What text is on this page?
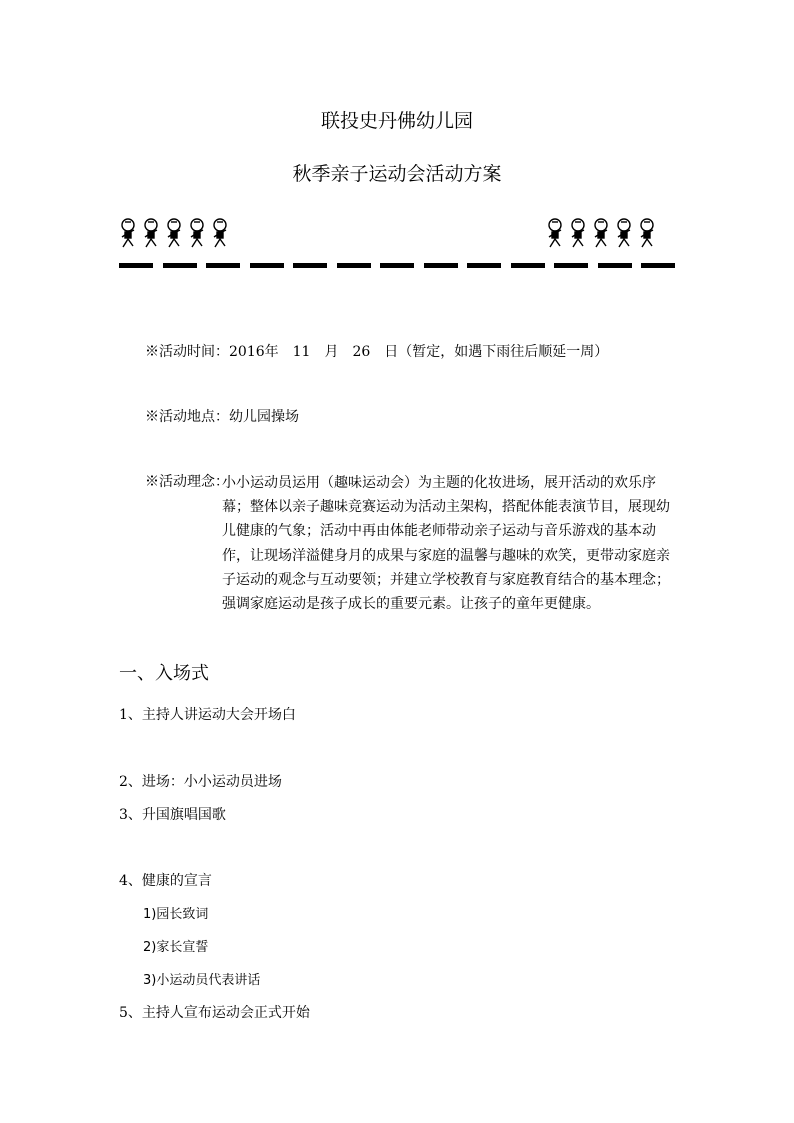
联投史丹佛幼儿园
秋季亲子运动会活动方案
※活动时间：2016年　11　月　26　日（暂定，如遇下雨往后顺延一周）
※活动地点：幼儿园操场
※活动理念：
小小运动员运用（趣味运动会）为主题的化妆进场，展开活动的欢乐序幕；整体以亲子趣味竞赛运动为活动主架构，搭配体能表演节目，展现幼儿健康的气象；活动中再由体能老师带动亲子运动与音乐游戏的基本动作，让现场洋溢健身月的成果与家庭的温馨与趣味的欢笑，更带动家庭亲子运动的观念与互动要领；并建立学校教育与家庭教育结合的基本理念；强调家庭运动是孩子成长的重要元素。让孩子的童年更健康。
一、入场式
1、主持人讲运动大会开场白
2、进场：小小运动员进场
3、升国旗唱国歌
4、健康的宣言
1)园长致词
2)家长宣誓
3)小运动员代表讲话
5、主持人宣布运动会正式开始
